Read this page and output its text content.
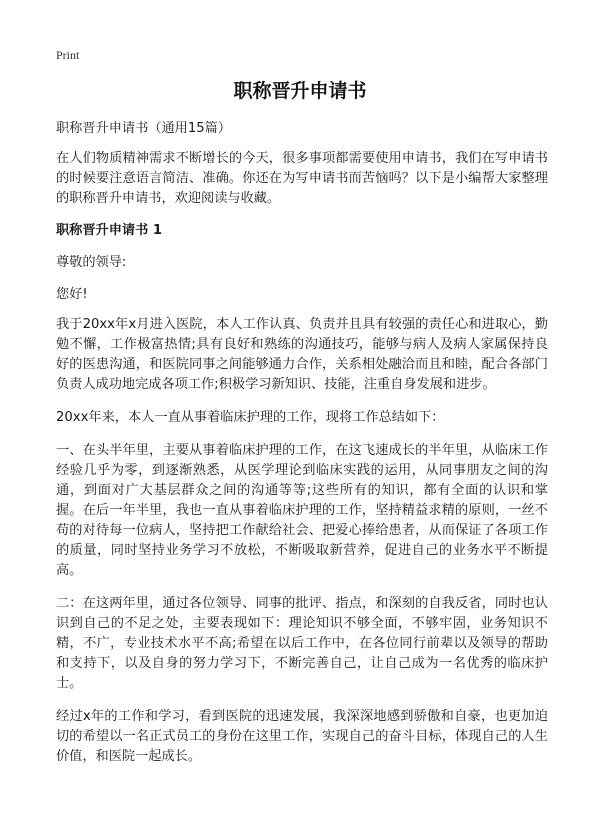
Print
职称晋升申请书

职称晋升申请书（通用15篇）

在人们物质精神需求不断增长的今天，很多事项都需要使用申请书，我们在写申请书的时候要注意语言简洁、准确。你还在为写申请书而苦恼吗？以下是小编帮大家整理的职称晋升申请书，欢迎阅读与收藏。

职称晋升申请书 1

尊敬的领导:

您好!

我于20xx年x月进入医院，本人工作认真、负责并且具有较强的责任心和进取心，勤勉不懈，工作极富热情;具有良好和熟练的沟通技巧，能够与病人及病人家属保持良好的医患沟通，和医院同事之间能够通力合作，关系相处融洽而且和睦，配合各部门负责人成功地完成各项工作;积极学习新知识、技能，注重自身发展和进步。

20xx年来，本人一直从事着临床护理的工作，现将工作总结如下：

一、在头半年里，主要从事着临床护理的工作，在这飞速成长的半年里，从临床工作经验几乎为零，到逐渐熟悉，从医学理论到临床实践的运用，从同事朋友之间的沟通，到面对广大基层群众之间的沟通等等;这些所有的知识，都有全面的认识和掌握。在后一年半里，我也一直从事着临床护理的工作，坚持精益求精的原则，一丝不苟的对待每一位病人，坚持把工作献给社会、把爱心捧给患者，从而保证了各项工作的质量，同时坚持业务学习不放松，不断吸取新营养，促进自己的业务水平不断提高。

二：在这两年里，通过各位领导、同事的批评、指点，和深刻的自我反省，同时也认识到自己的不足之处，主要表现如下：理论知识不够全面，不够牢固，业务知识不精，不广，专业技术水平不高;希望在以后工作中，在各位同行前辈以及领导的帮助和支持下，以及自身的努力学习下，不断完善自己，让自己成为一名优秀的临床护士。

经过x年的工作和学习，看到医院的迅速发展，我深深地感到骄傲和自豪，也更加迫切的希望以一名正式员工的身份在这里工作，实现自己的奋斗目标，体现自己的人生价值，和医院一起成长。
